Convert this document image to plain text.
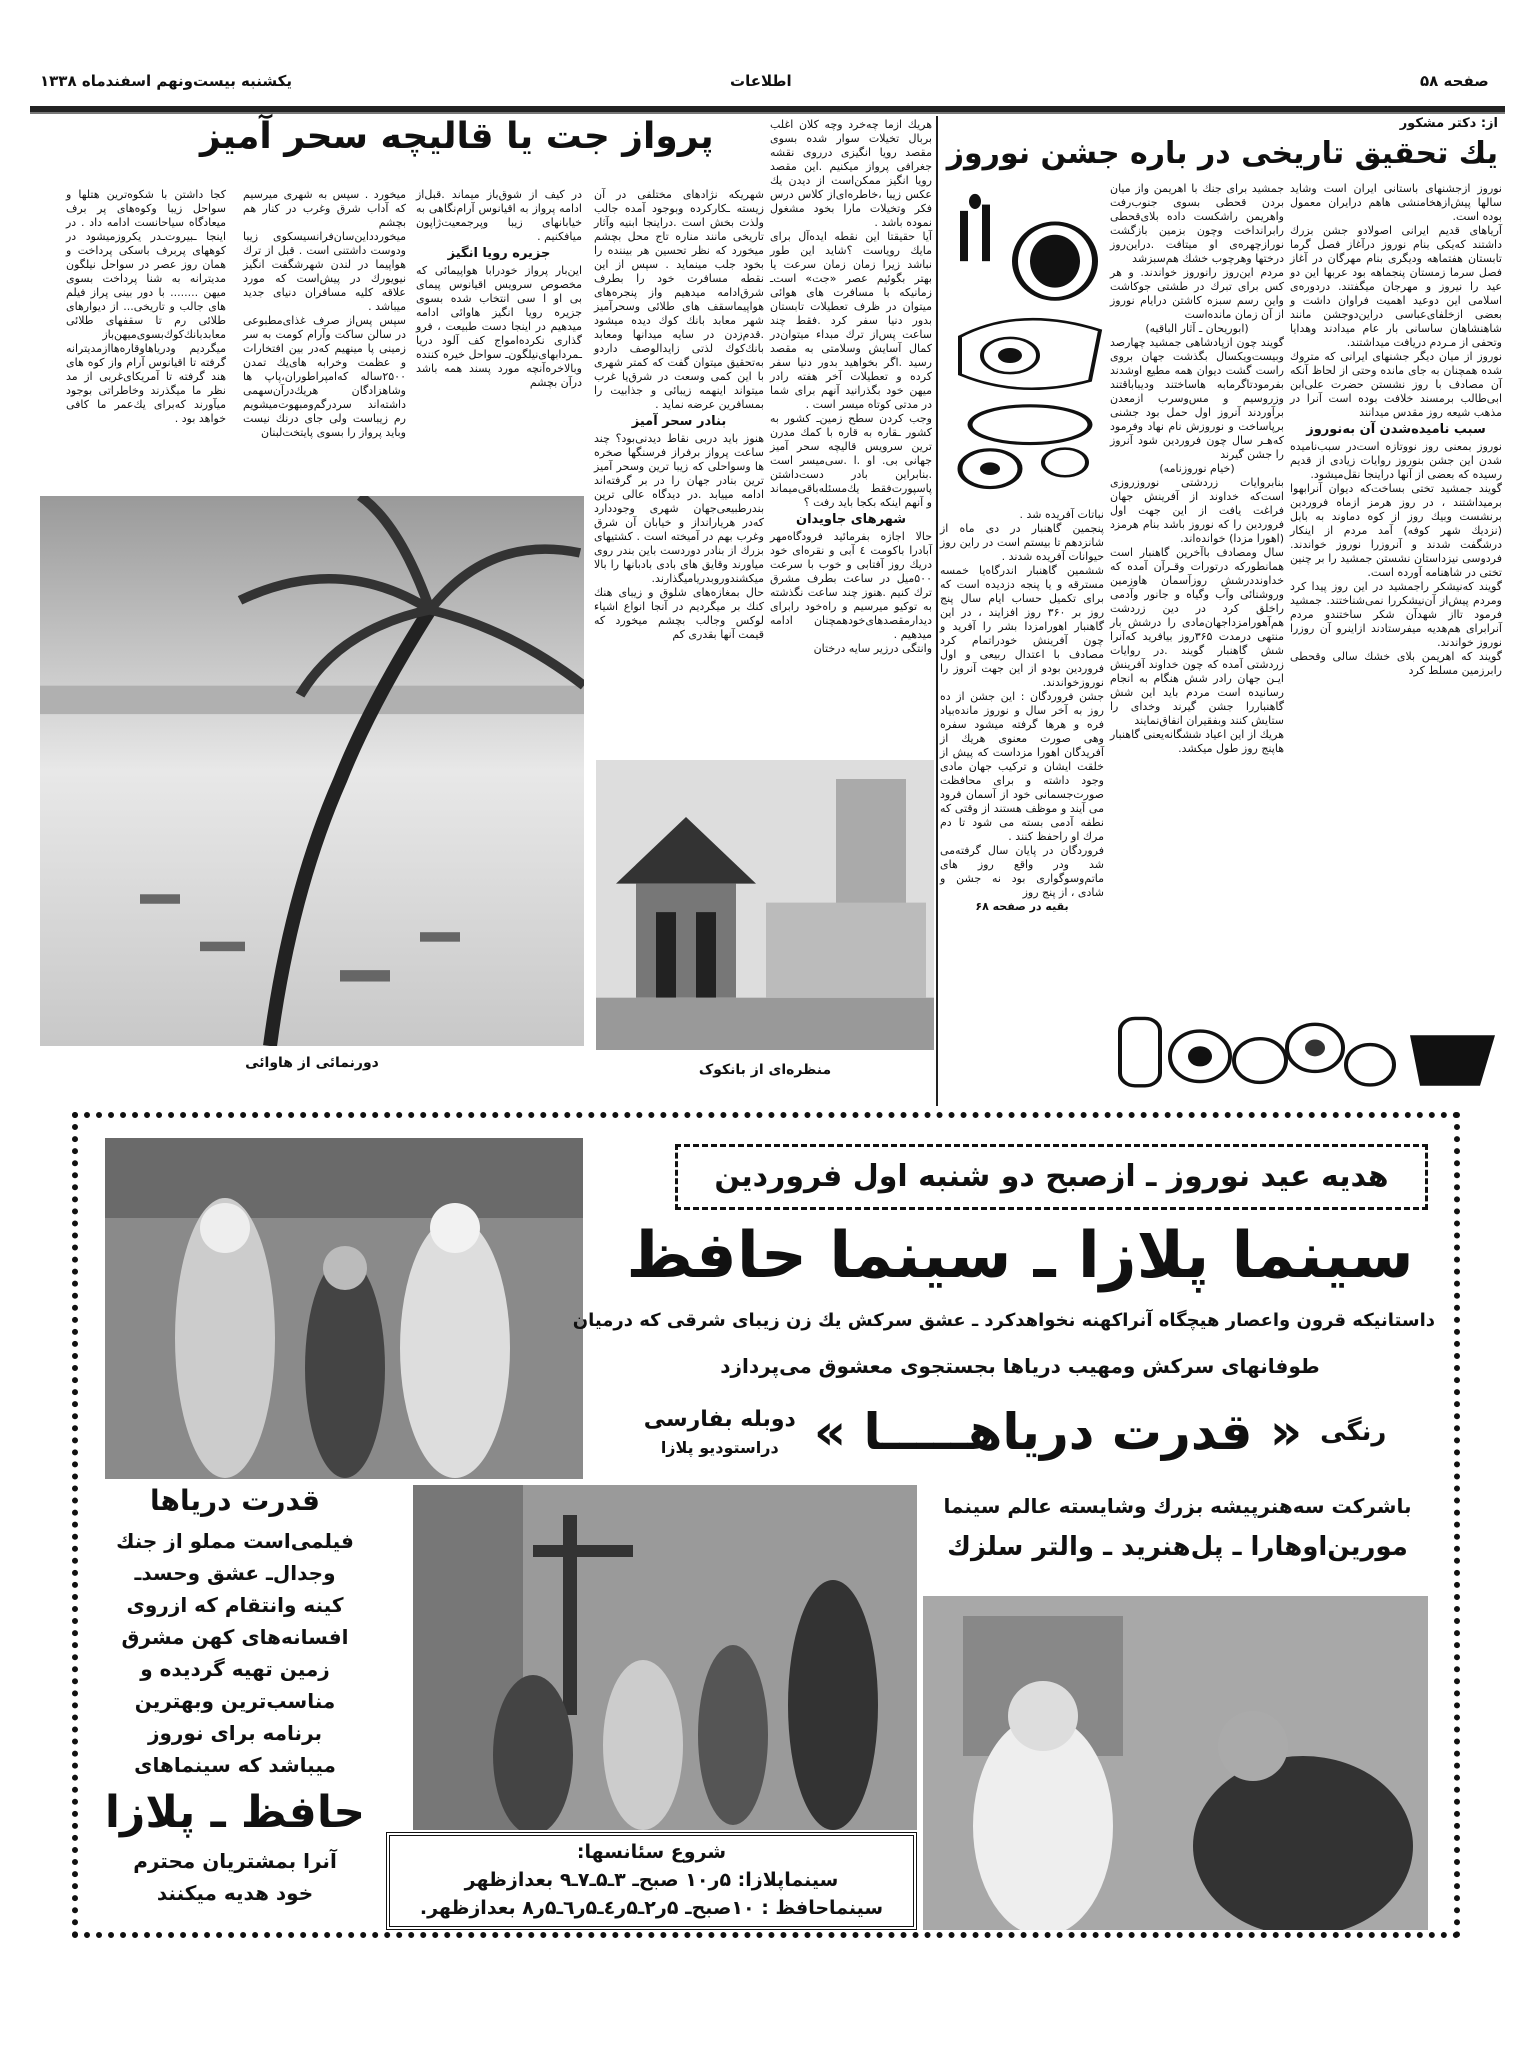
صفحه ۵۸
اطلاعات
یکشنبه بیست‌ونهم اسفندماه ۱۳۳۸
از: دکتر مشکور
یك تحقیق تاریخی در باره جشن نوروز

نوروز ازجشنهای باستانی ایران است وشاید سالها پیش‌ازهخامنشی هاهم درایران معمول بوده است.

آریاهای قدیم ایرانی اصولادو جشن بزرك داشتند که‌یکی بنام نوروز درآغاز فصل گرما تابستان هفتماهه ودیگری بنام مهرگان در آغاز فصل سرما زمستان پنجماهه بود عربها این دو عید را نیروز و مهرجان میگفتند. دردوره‌ی اسلامی این دوعید اهمیت فراوان داشت و بعضی ازخلفای‌عباسی دراین‌دوجشن مانند شاهنشاهان ساسانی بار عام میدادند وهدایا وتحفی از مـردم دریافت میداشتند.

نوروز از میان دیگر جشنهای ایرانی که متروك شده همچنان به جای مانده وحتی از لحاظ آنکه آن مصادف با روز نشستن حضرت علی‌ابن ابی‌طالب برمسند خلافت بوده است آنرا در مذهب شیعه روز مقدس میدانند

سبب نامیده‌شدن آن به‌نوروز

نوروز بمعنی روز نووتازه است‌در سبب‌نامیده شدن این جشن بنوروز روایات زیادی از قدیم رسیده که بعضی از آنها دراینجا نقل‌میشود.

گویند جمشید تختی بساخت‌که دیوان آنرابهوا برمیداشتند ، در روز هرمز ازماه فروردین برنشست وبیك روز از کوه دماوند به بابل (نزدیك شهر کوفه) آمد مردم از اینکار درشگفت شدند و آنروزرا نوروز خواندند. فردوسی نیزداستان نشستن جمشید را بر چنین تختی در شاهنامه آورده است.

گویند که‌نیشکر راجمشید در این روز پیدا کرد ومردم پیش‌از آن‌نیشکررا نمی‌شناختند. جمشید فرمود تااز شهدآن شکر ساختندو مردم آنرابرای هم‌هدیه میفرستادند ازاینرو آن روزرا نوروز خواندند.

گویند که اهریمن بلای خشك سالی وقحطی رابرزمین مسلط کرد

جمشید برای جنك با اهریمن واز میان بردن قحطی بسوی جنوب‌رفت واهریمن راشکست داده بلای‌قحطی رابرانداخت وچون بزمین بازگشت نورازچهره‌ی او میتافت .دراین‌روز درختها وهرچوب خشك هم‌سبزشد

مردم این‌روز رانوروز خواندند. و هر کس برای تبرك در طشتی جوکاشت واین رسم سبزه کاشتن درایام نوروز از آن زمان مانده‌است

(ابوریحان ـ آثار الباقیه)

گویند چون ازپادشاهی جمشید چهارصد وبیست‌ویکسال بگذشت جهان بروی راست گشت دیوان همه مطیع اوشدند بفرمودتاگرمابه هاساختند ودیباباقتند وزروسیم و مس‌وسرب ازمعدن برآوردند آنروز اول حمل بود جشنی برپاساخت و نوروزش نام نهاد وفرمود که‌هـر سال چون فروردین شود آنروز را جشن گیرند

(خیام نوروزنامه)

بنابروایات زردشتی نوروزروزی است‌که خداوند از آفرینش جهان فراغت یافت از این جهت اول فروردین‌ را که نوروز باشد بنام هرمزد (اهورا مزدا) خوانده‌اند.

سال ومصادف باآخرین گاهنبار است همانطورکه درتورات وقـرآن آمده که خداونددرشش روزآسمان هاوزمین وروشنائی وآب وگیاه و جانور وآدمی راخلق کرد در دین زردشت هم‌آهورامزداجهان‌مادی را درشش بار منتهی درمدت ۳۶۵روز بیافرید که‌آنرا شش گاهنبار گویند .در روایات زردشتی آمده که چون خداوند آفرینش ایـن جهان رادر شش هنگام به انجام رسانیده است مردم باید این شش گاهنباررا جشن گیرند وخدای را ستایش کنند وبفقیران انفاق‌نمایند

هریك از این اعیاد ششگانه‌یعنی گاهنبار هاپنج روز طول میکشد.

نباتات آفریده شد .

پنجمین گاهنبار در دی ماه از شانزدهم تا بیستم است در راین روز حیوانات آفریده شدند .

ششمین گاهنبار اندرگاه‌یا خمسه مسترقه و یا پنجه دزدیده است که برای تکمیل حساب ایام سال پنج روز بر ۳۶۰ روز افزایند ، در این گاهنبار اهورامزدا بشر را آفرید و چون آفرینش خودراتمام کرد مصادف با اعتدال ربیعی و اول فروردین بودو از این جهت آنروز را نوروزخواندند.

جشن فروردگان : این جشن از ده روز به آخر سال و نوروز مانده‌بیاد فره و هرها گرفته میشود سفره وهی صورت معنوی هریك از آفریدگان اهورا مزداست که پیش از خلقت ایشان و ترکیب جهان مادی وجود داشته و برای محافظت صورت‌جسمانی خود از آسمان فرود می آیند و موظف هستند از وقتی که نطفه آدمی بسته می شود تا دم مرك او راحفظ کنند .

فروردگان در پایان سال گرفته‌می شد ودر واقع روز های ماتم‌وسوگواری بود نه جشن و شادی ، از پنج روز

بقیه در صفحه ۶۸

پرواز جت یا قالیچه سحر آمیز	هریك ازما چه‌خرد وچه کلان اغلب بربال تخیلات سوار شده بسوی مقصد رویا انگیزی درروی نقشه جغرافی پرواز میکنیم .این مقصد رویا انگیز ممکن‌است از دیدن یك عکس زیبا ،خاطره‌ای‌از کلاس درس فکر وتخیلات مارا بخود مشغول نموده باشد .

آیا حقیقتا این نقطه ایده‌آل برای مایك رویاست ؟شاید این طور نباشد زیرا زمان زمان سرعت یا بهتر بگوئیم عصر «جت» است‌ـ زمانیکه با مسافرت های هوائی میتوان در ظرف تعطیلات تابستان بدور دنیا سفر کرد .فقط چند ساعت پس‌از ترك مبداء میتوان‌در کمال آسایش وسلامتی به مقصد رسید .اگر بخواهید بدور دنیا سفر کرده و تعطیلات آخر هفته رادر میهن خود بگذرانید آنهم برای شما در مدتی کوتاه میسر است .

وجب کردن سطح زمین‌ـ کشور به کشور ـقاره به قاره با کمك مدرن ترین سرویس قالیچه سحر آمیز جهانی بی. او .ا .سی‌میسر است .بنابراین بادر دست‌داشتن پاسپورت‌فقط یك‌مسئله‌باقی‌میماند و آنهم اینکه بکجا باید رفت ؟

شهرهای جاویدان

حالا اجازه بفرمائید فرودگاه‌مهر آبادرا باکومت ٤ آبی و نقره‌ای خود دریك روز آفتابی و خوب با سرعت ۵۰۰میل در ساعت بطرف مشرق ترك کنیم .هنوز چند ساعت نگذشته به توکیو میرسیم و راه‌خود رابرای دیدارمقصدهای‌خودهمچنان ادامه میدهیم .

وانتگی درزیر سایه درختان

شهریکه نژادهای مختلفی در آن زیسته ـکارکرده وبوجود آمده جالب ولذت بخش است .دراینجا ابنیه وآثار تاریخی مانند مناره تاج محل بچشم میخورد که نظر تحسین هر بیننده را بخود جلب مینماید . سپس از این نقطه مسافرت خود را بطرف شرق‌ادامه میدهیم واز پنجره‌های هواپیماسقف های طلائی وسحرآمیز شهر معابد بانك كوك دیده میشود .قدم‌زدن در سایه میدانها ومعابد بانك‌كوك لذتی زایدالوصف داردو به‌تحقیق میتوان گفت که کمتر شهری با این کمی وسعت در شرق‌یا غرب میتواند اینهمه زیبائی و جذابیت را بمسافرین عرضه نماید .

بنادر سحر آمیز

هنوز باید دربی نقاط دیدنی‌بود؟ چند ساعت پرواز برفراز فرسنگها صخره ها وسواحلی که زیبا ترین وسحر آمیز ترین بنادر جهان را در بر گرفته‌اند ادامه مییابد .در دیدگاه عالی ترین بندرطبیعی‌جهان شهری وجوددارد که‌در هریارانداز و خیابان آن شرق وغرب بهم در آمیخته است . کشتیهای بزرك از بنادر دوردست باین بندر روی میاورند وقایق های بادی بادبانها را بالا میکشندوروبدریامیگذارند.

حال بمغازه‌های شلوق و زیبای هنك كنك بر میگردیم در آنجا انواع اشیاء لوکس وجالب بچشم میخورد که قیمت آنها بقدری کم

در کیف از شوق‌باز میماند .قبل‌از ادامه پرواز به اقیانوس آرام‌نگاهی به خیابانهای زیبا وپرجمعیت‌ژاپون میافکنیم .

جزیره رویا انگیز

این‌بار پرواز خودرابا هواپیمائی که مخصوص سرویس اقیانوس پیمای بی او ا سی انتخاب شده بسوی جزیره رویا انگیز هاوائی ادامه میدهیم در اینجا دست طبیعت ، فرو گذاری نکرده‌امواج کف آلود دریا ـمردابهای‌نیلگون‌ـ سواحل خیره کننده وبالاخره‌آنچه مورد پسند همه باشد درآن بچشم

میخورد . سپس به شهری میرسیم که آداب شرق وغرب در کنار هم بچشم میخوردداین‌سان‌فرانسیسکوی زیبا ودوست داشتنی است . قبل از ترك هواپیما در لندن شهرشگفت انگیز نیویورك در پیش‌است که مورد علاقه کلیه مسافران دنیای جدید میباشد .

سپس پس‌از صرف غذای‌مطبوعی در سالن ساکت وآرام کومت به سر زمینی پا مینهیم که‌در بین افتخارات و عظمت وخرابه های‌یك تمدن ۲۵۰۰ساله که‌امپراطوران،پاپ ها وشاهزادگان هریك‌درآن‌سهمی داشته‌اند سردرگم‌ومبهوت‌میشویم رم زیباست ولی جای درنك نیست وباید پرواز را بسوی پایتخت‌لبنان

کجا داشتن با شکوه‌ترین هتلها و سواحل زیبا وکوه‌های پر برف میعادگاه سیاحانست ادامه داد . در اینجا ـبیروت‌ـدر یکروزمیشود در کوههای پربرف باسکی پرداخت و همان روز عصر در سواحل نیلگون مدیترانه به شنا پرداخت بسوی میهن ........ با دور بینی پراز فیلم های جالب و تاریخی... از دیوارهای طلائی رم تا سقفهای طلائی معابدبانك‌كوك‌بسوی‌میهن‌باز میگردیم ودریاهاوقاره‌هاازمدیترانه گرفته تا اقیانوس آرام واز کوه های هند گرفته تا آمریکای‌غربی از مد نظر ما میگذرند وخاطراتی بوجود میآورند که‌برای یك‌عمر ما کافی خواهد بود .

دورنمائی از هاوائی	منظره‌ای از بانکوک
هدیه عید نوروز ـ ازصبح دو شنبه اول فروردین
سینما پلازا ـ سینما حافظ
داستانیکه قرون واعصار هیچگاه آنراکهنه نخواهدکرد ـ عشق سرکش یك زن زیبای شرقی که درمیان
طوفانهای سرکش ومهیب دریاها بجستجوی معشوق می‌پردازد
رنگی
« قدرت دریاهـــــا »
دوبله بفارسی
دراستودیو پلازا
قدرت دریاها
فیلمی‌است مملو از جنك
وجدال‌ـ عشق وحسد‌ـ
کینه وانتقام که ازروی
افسانه‌های کهن مشرق
زمین تهیه گردیده و
مناسب‌ترین وبهترین
برنامه برای نوروز
میباشد که سینماهای
حافظ ـ پلازا
آنرا بمشتریان محترم
خود هدیه میکنند
شروع سئانسها:
سینماپلازا: ۵ر۱۰ صبح‌ـ ۳ـ۵ـ۷ـ۹ بعدازظهر
سینماحافظ : ۱۰صبح‌ـ ۵ر۲ـ۵ر٤ـ۵ر٦ـ۵ر۸ بعدازظهر.
باشرکت سه‌هنرپیشه بزرك وشایسته عالم سینما
مورین‌اوهارا ـ پل‌هنرید ـ والتر سلزك
